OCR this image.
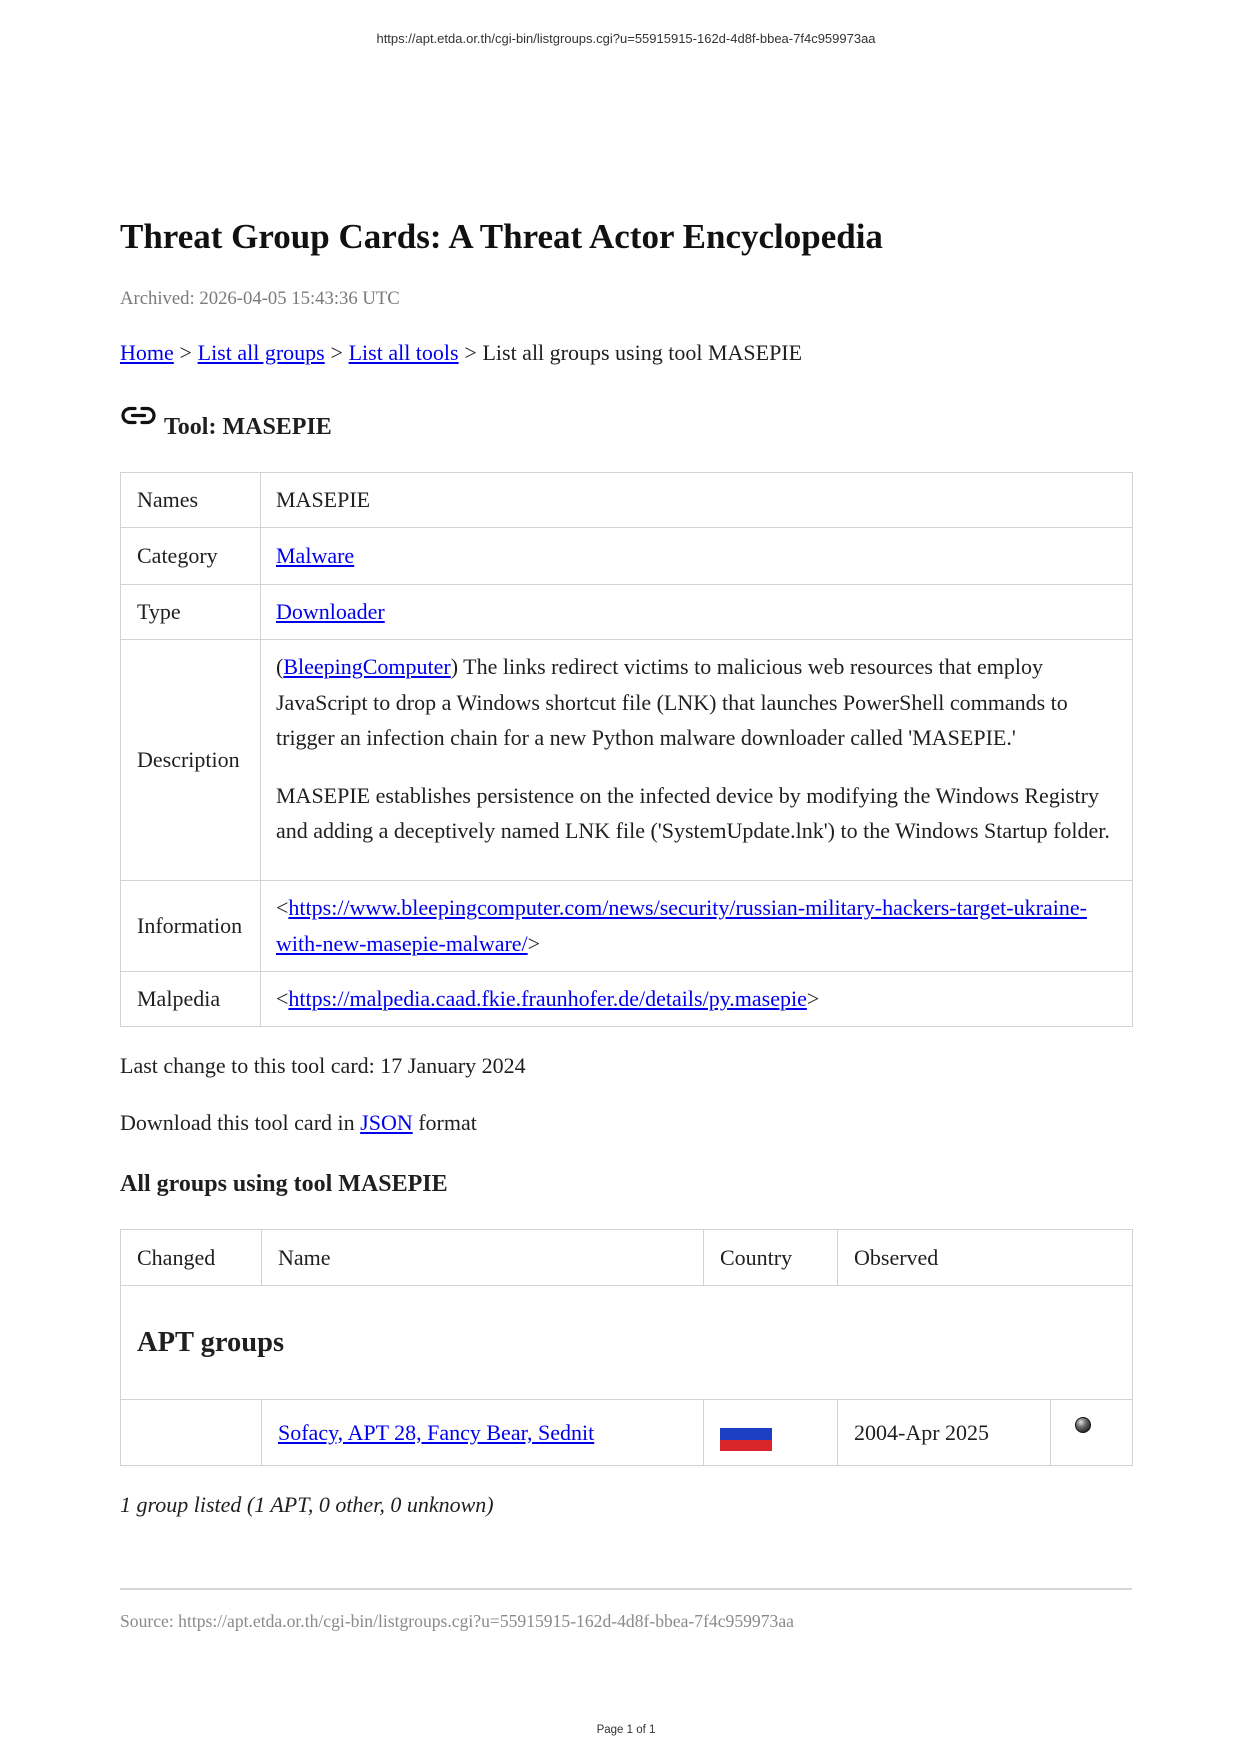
https://apt.etda.or.th/cgi-bin/listgroups.cgi?u=55915915-162d-4d8f-bbea-7f4c959973aa
Threat Group Cards: A Threat Actor Encyclopedia
Archived: 2026-04-05 15:43:36 UTC
Home > List all groups > List all tools > List all groups using tool MASEPIE
Tool: MASEPIE
Names	MASEPIE
Category	Malware
Type	Downloader
Description	(BleepingComputer) The links redirect victims to malicious web resources that employ JavaScript to drop a Windows shortcut file (LNK) that launches PowerShell commands to trigger an infection chain for a new Python malware downloader called 'MASEPIE.'

MASEPIE establishes persistence on the infected device by modifying the Windows Registry and adding a deceptively named LNK file ('SystemUpdate.lnk') to the Windows Startup folder.

Information	<https://www.bleepingcomputer.com/news/security/russian-military-hackers-target-ukraine-with-new-masepie-malware/>
Malpedia	<https://malpedia.caad.fkie.fraunhofer.de/details/py.masepie>

Last change to this tool card: 17 January 2024

Download this tool card in JSON format

All groups using tool MASEPIE
Changed	Name	Country	Observed	

APT groups				

	Sofacy, APT 28, Fancy Bear, Sednit		2004-Apr 2025	

1 group listed (1 APT, 0 other, 0 unknown)

Source: https://apt.etda.or.th/cgi-bin/listgroups.cgi?u=55915915-162d-4d8f-bbea-7f4c959973aa

Page 1 of 1
